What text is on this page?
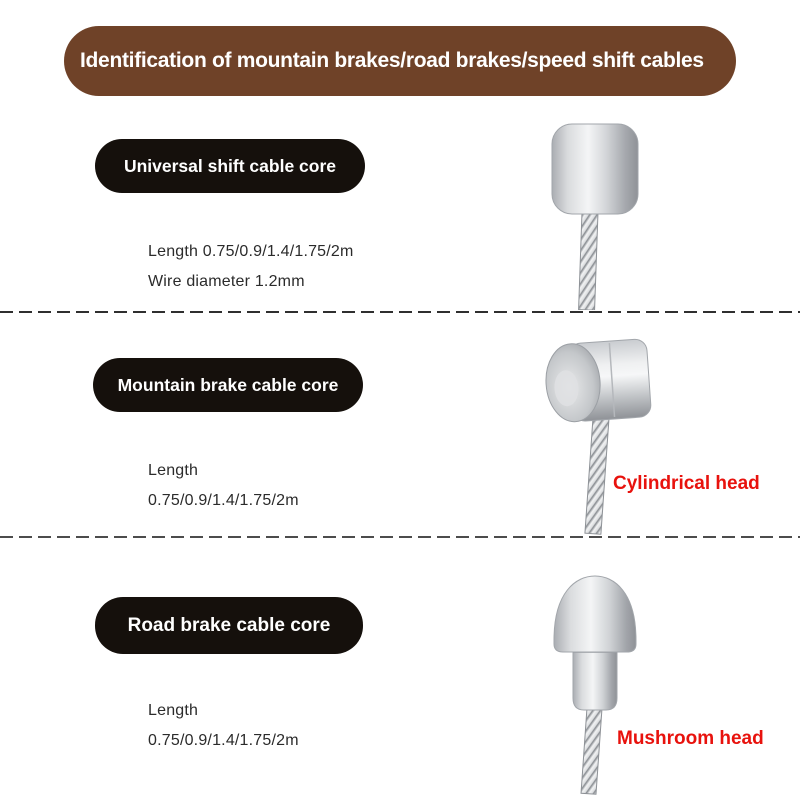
Identification of mountain brakes/road brakes/speed shift cables
Universal shift cable core
Length 0.75/0.9/1.4/1.75/2m
Wire diameter 1.2mm
Mountain brake cable core
Length
0.75/0.9/1.4/1.75/2m
Cylindrical head
Road brake cable core
Length
0.75/0.9/1.4/1.75/2m	Mushroom head
